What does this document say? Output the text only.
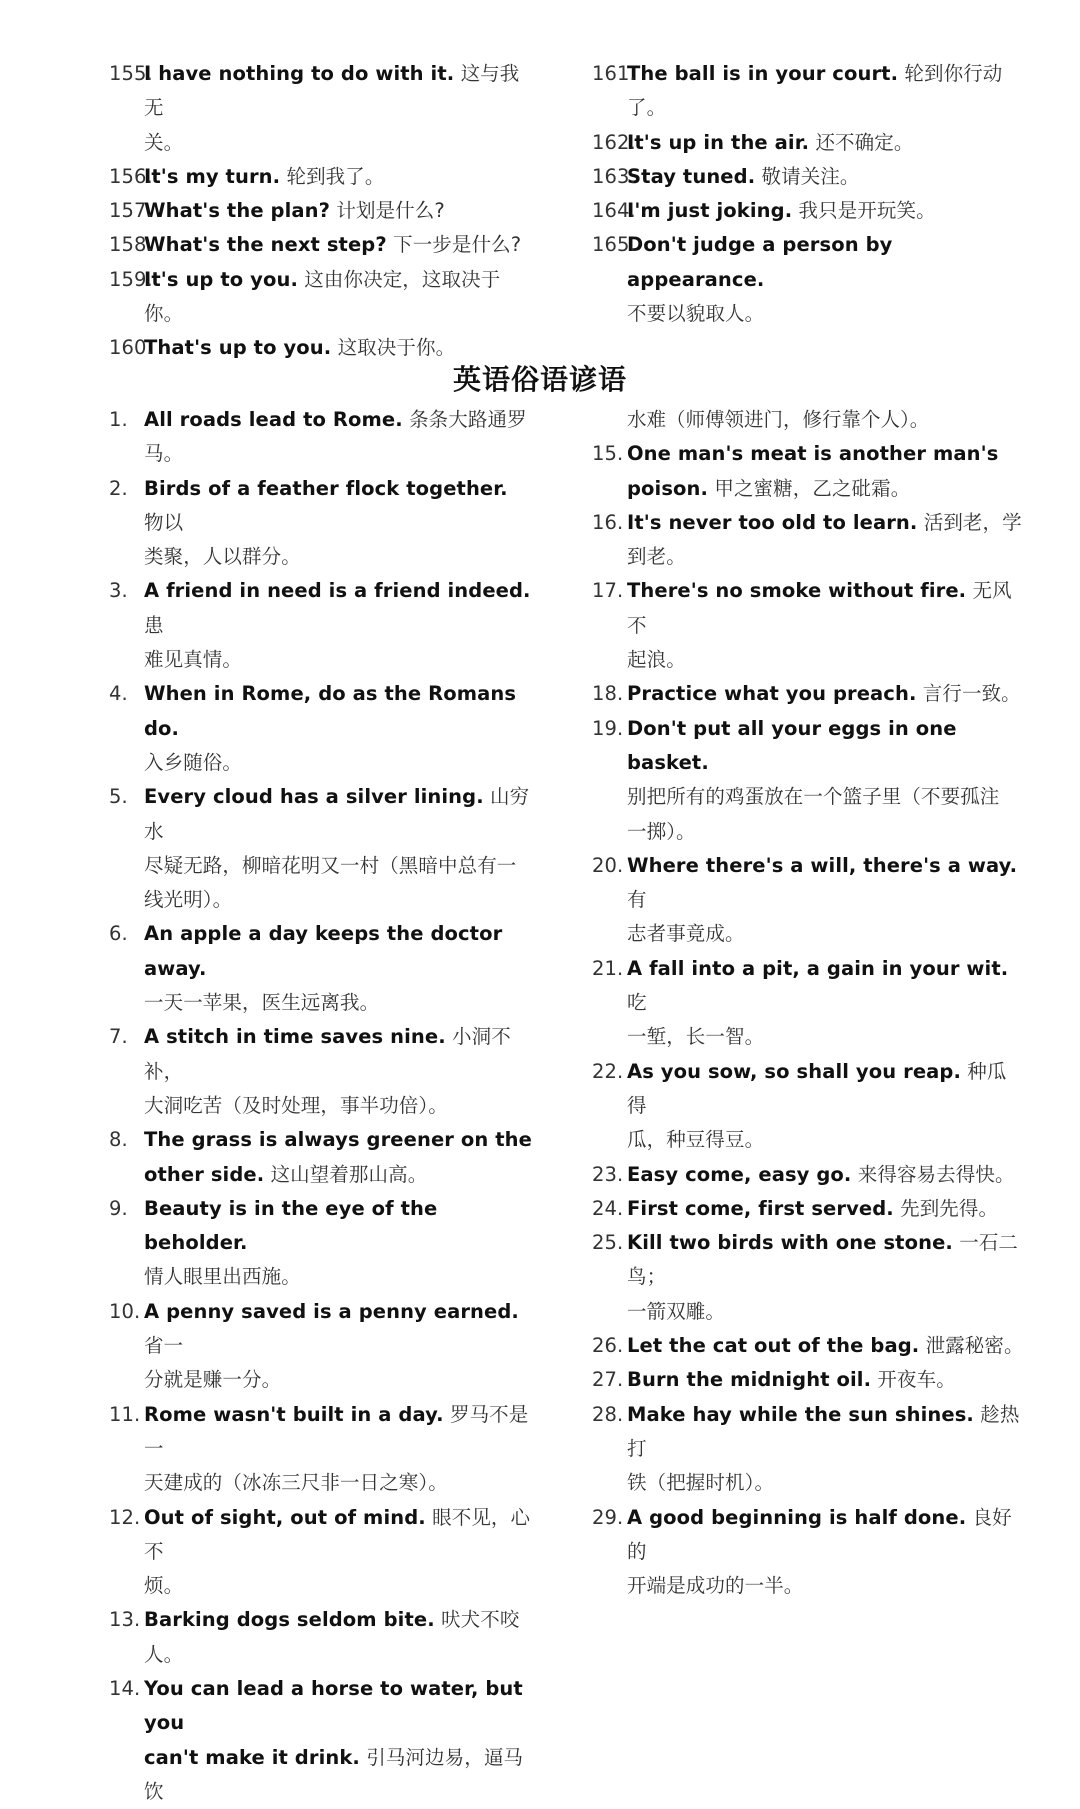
155.
I have nothing to do with it. 这与我无
关。
156.
It's my turn. 轮到我了。
157.
What's the plan? 计划是什么?
158.
What's the next step? 下一步是什么?
159.
It's up to you. 这由你决定，这取决于你。
160.
That's up to you. 这取决于你。
161.
The ball is in your court. 轮到你行动了。
162.
It's up in the air. 还不确定。
163.
Stay tuned. 敬请关注。
164.
I'm just joking. 我只是开玩笑。
165.
Don't judge a person by appearance.
不要以貌取人。
英语俗语谚语
1. All roads lead to Rome. 条条大路通罗马。
2. Birds of a feather flock together. 物以
类聚，人以群分。
3. A friend in need is a friend indeed. 患
难见真情。
4. When in Rome, do as the Romans do.
入乡随俗。
5. Every cloud has a silver lining. 山穷水
尽疑无路，柳暗花明又一村（黑暗中总有一
线光明）。
6. An apple a day keeps the doctor away.
一天一苹果，医生远离我。
7. A stitch in time saves nine. 小洞不补，
大洞吃苦（及时处理，事半功倍）。
8. The grass is always greener on the
other side. 这山望着那山高。
9. Beauty is in the eye of the beholder.
情人眼里出西施。
10. A penny saved is a penny earned. 省一
分就是赚一分。
11. Rome wasn't built in a day. 罗马不是一
天建成的（冰冻三尺非一日之寒）。
12. Out of sight, out of mind. 眼不见，心不
烦。
13. Barking dogs seldom bite. 吠犬不咬人。
14. You can lead a horse to water, but you
can't make it drink. 引马河边易，逼马饮
水难（师傅领进门，修行靠个人）。
15. One man's meat is another man's
poison. 甲之蜜糖，乙之砒霜。
16. It's never too old to learn. 活到老，学
到老。
17. There's no smoke without fire. 无风不
起浪。
18. Practice what you preach. 言行一致。
19. Don't put all your eggs in one basket.
别把所有的鸡蛋放在一个篮子里（不要孤注
一掷）。
20. Where there's a will, there's a way. 有
志者事竟成。
21. A fall into a pit, a gain in your wit. 吃
一堑，长一智。
22. As you sow, so shall you reap. 种瓜得
瓜，种豆得豆。
23. Easy come, easy go. 来得容易去得快。
24. First come, first served. 先到先得。
25. Kill two birds with one stone. 一石二鸟；
一箭双雕。
26. Let the cat out of the bag. 泄露秘密。
27. Burn the midnight oil. 开夜车。
28. Make hay while the sun shines. 趁热打
铁（把握时机）。
29. A good beginning is half done. 良好的
开端是成功的一半。
